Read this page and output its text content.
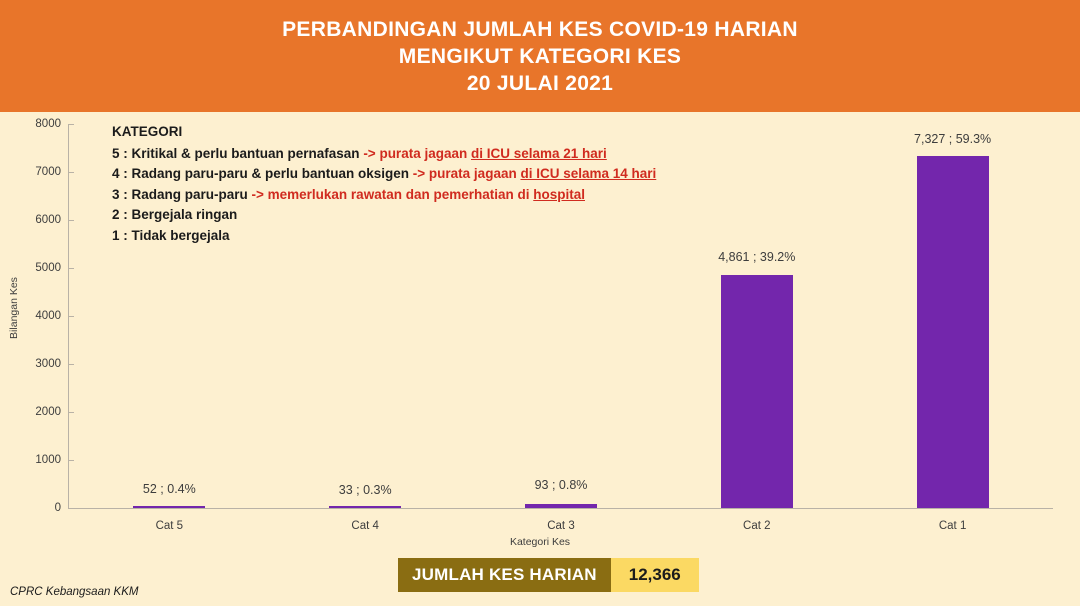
PERBANDINGAN JUMLAH KES COVID-19 HARIAN
MENGIKUT KATEGORI KES
20 JULAI 2021
Bilangan Kes
0
1000
2000
3000
4000
5000
6000
7000
8000
52 ; 0.4%
Cat 5
33 ; 0.3%
Cat 4
93 ; 0.8%
Cat 3
4,861 ; 39.2%
Cat 2
7,327 ; 59.3%
Cat 1
Kategori Kes
KATEGORI
5 : Kritikal & perlu bantuan pernafasan -> purata jagaan di ICU selama 21 hari
4 : Radang paru-paru & perlu bantuan oksigen -> purata jagaan di ICU selama 14 hari
3 : Radang paru-paru -> memerlukan rawatan dan pemerhatian di hospital
2 : Bergejala ringan
1 : Tidak bergejala
JUMLAH KES HARIAN	12,366
CPRC Kebangsaan KKM
